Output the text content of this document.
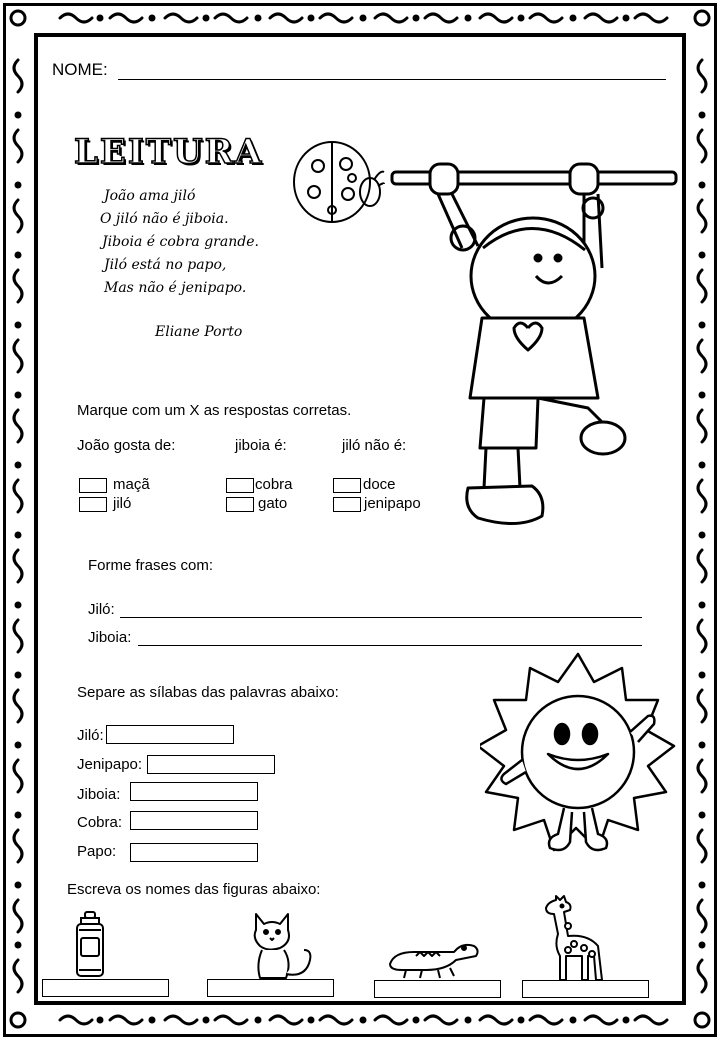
NOME:
LEITURA
João ama jiló
O jiló não é jiboia.
Jiboia é cobra grande.
Jiló está no papo,
Mas não é jenipapo.
Eliane Porto
Marque com um X as respostas corretas.
João gosta de:	jiboia é:	jiló não é:
maçã
jiló
cobra
gato
doce
jenipapo
Forme frases com:
Jiló:
Jiboia:
Separe as sílabas das palavras abaixo:
Jiló:
Jenipapo:
Jiboia:
Cobra:
Papo:
Escreva os nomes das figuras abaixo:
